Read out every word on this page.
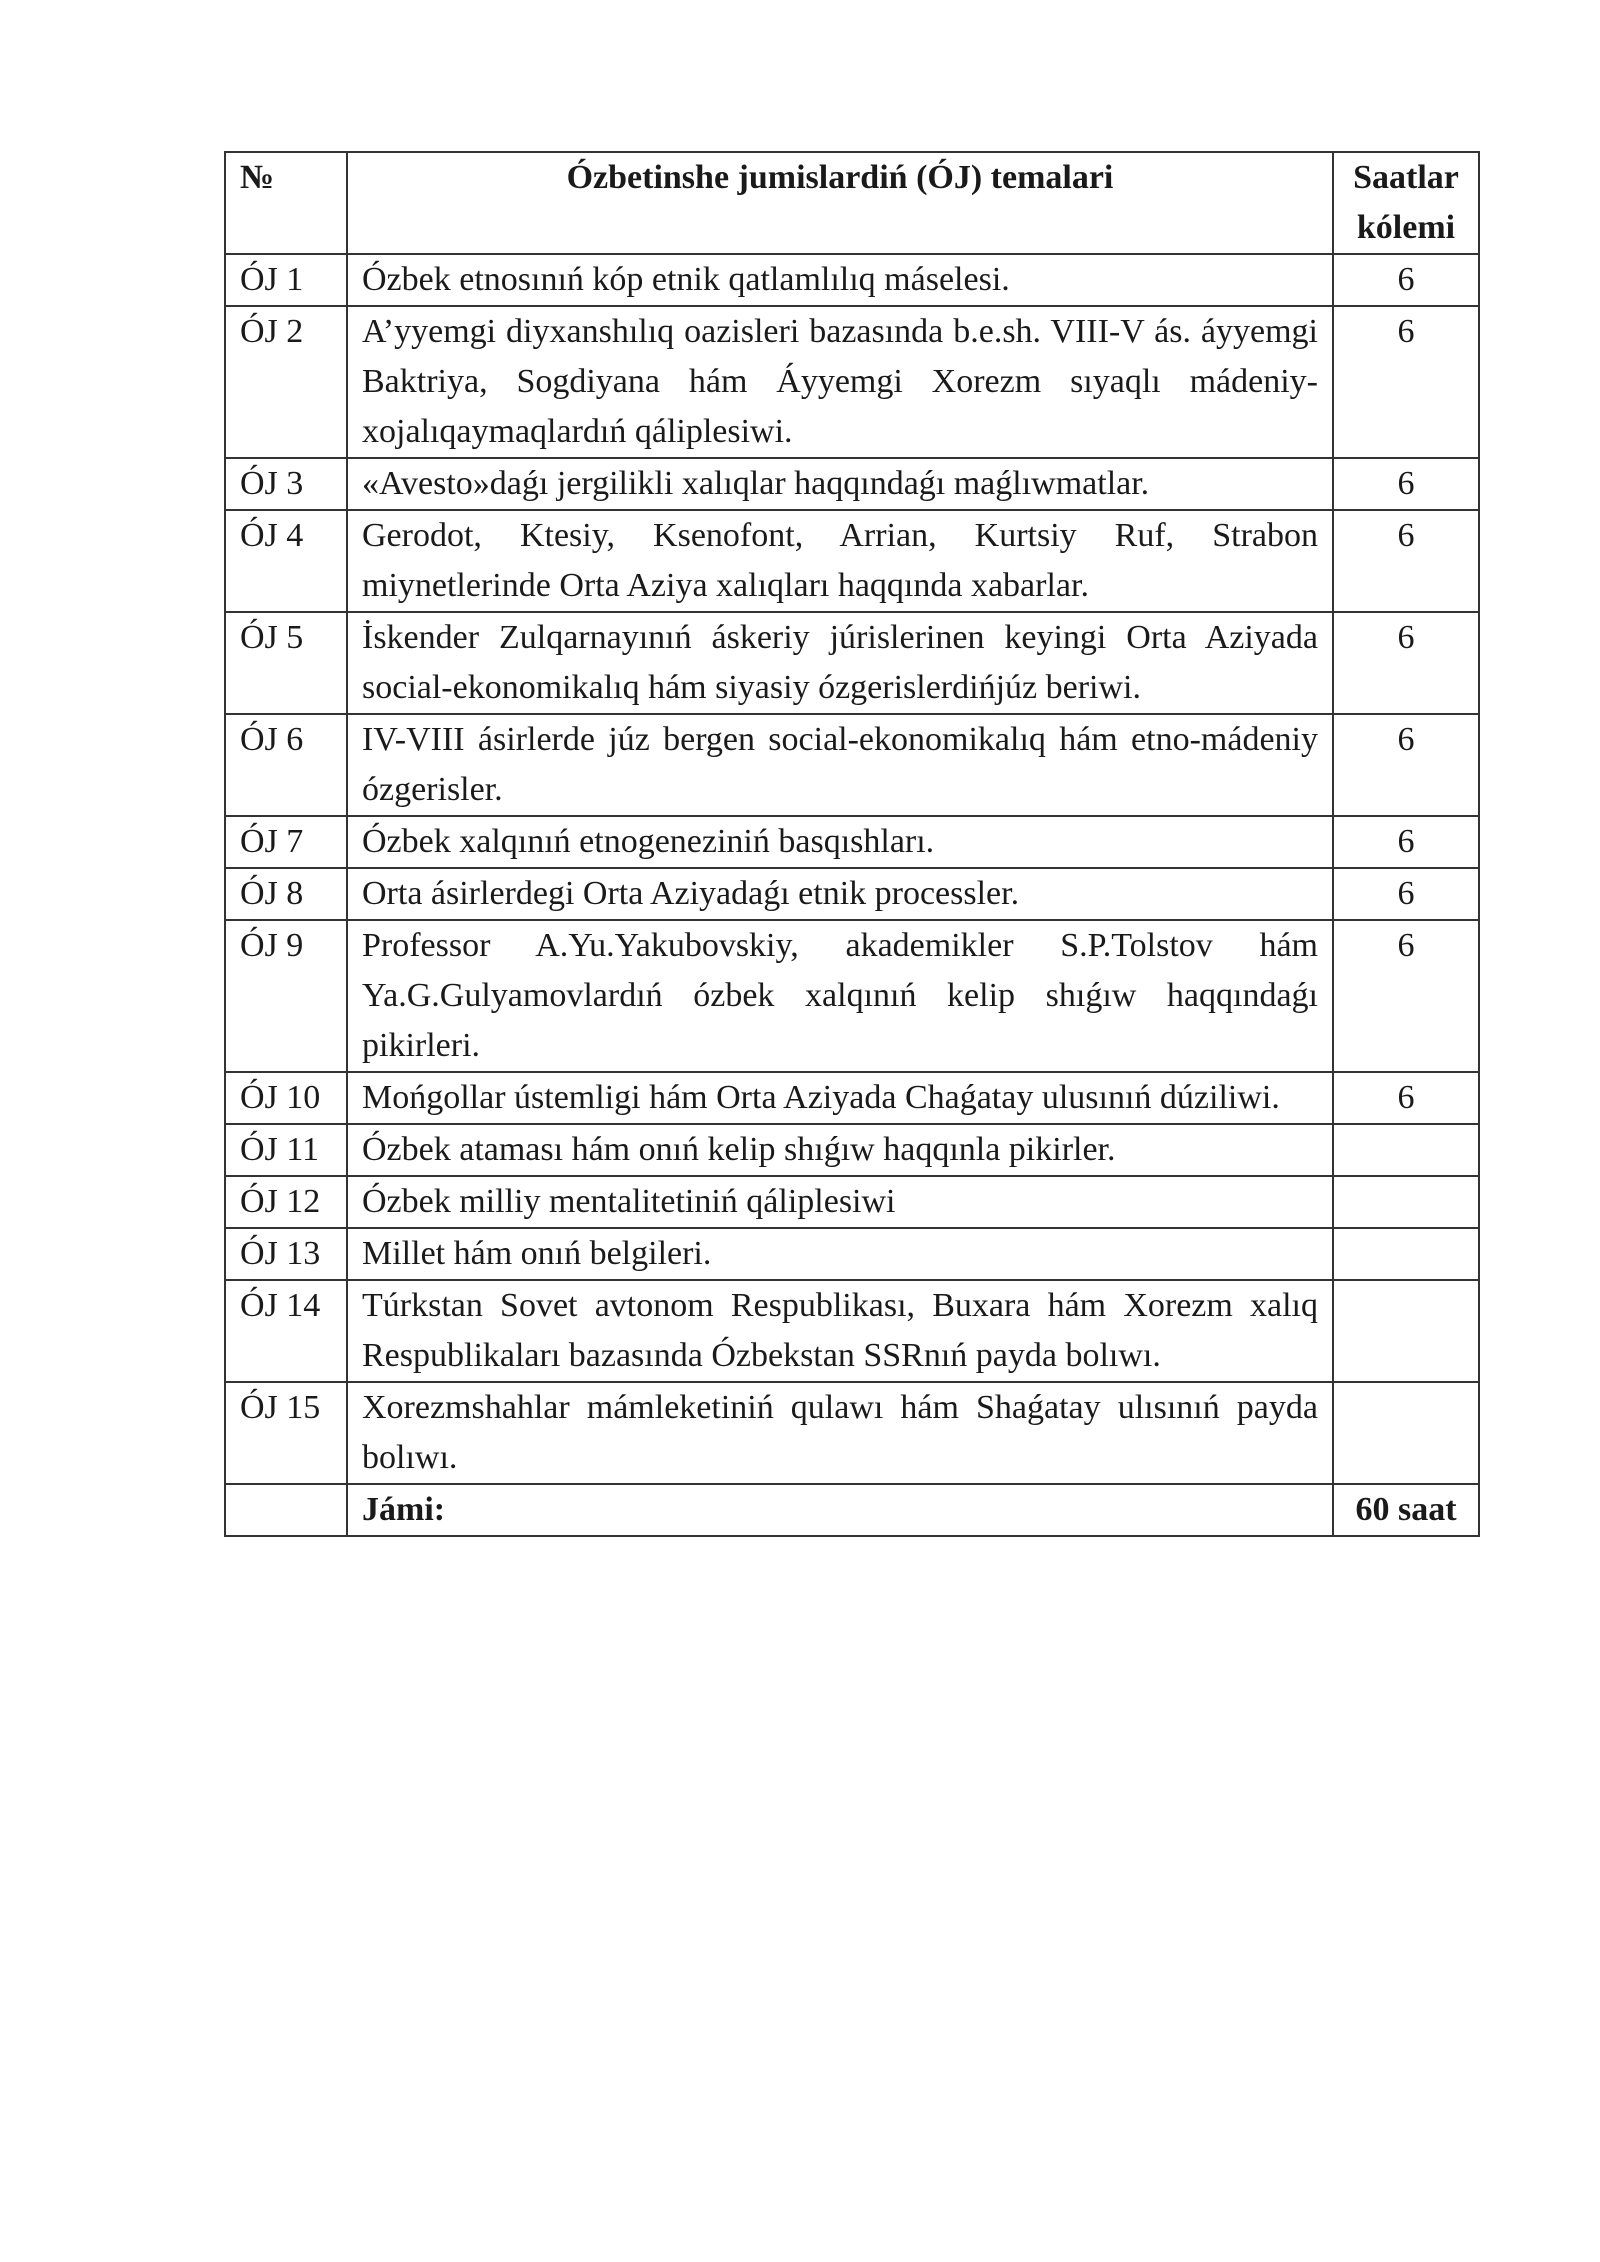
№	Ózbetinshe jumislardiń (ÓJ) temalari	Saatlar
kólemi
ÓJ 1	Ózbek etnosınıń kóp etnik qatlamlılıq máselesi.	6
ÓJ 2	A’yyemgi diyxanshılıq oazisleri bazasında b.e.sh. VIII-V ás. áyyemgi Baktriya, Sogdiyana hám Áyyemgi Xorezm sıyaqlı mádeniy-xojalıqaymaqlardıń qáliplesiwi.	6
ÓJ 3	«Avesto»daǵı jergilikli xalıqlar haqqındaǵı maǵlıwmatlar.	6
ÓJ 4	Gerodot, Ktesiy, Ksenofont, Arrian, Kurtsiy Ruf, Strabon miynetlerinde Orta Aziya xalıqları haqqında xabarlar.	6
ÓJ 5	İskender Zulqarnayınıń áskeriy júrislerinen keyingi Orta Aziyada social-ekonomikalıq hám siyasiy ózgerislerdińjúz beriwi.	6
ÓJ 6	IV-VIII ásirlerde júz bergen social-ekonomikalıq hám etno-mádeniy ózgerisler.	6
ÓJ 7	Ózbek xalqınıń etnogeneziniń basqıshları.	6
ÓJ 8	Orta ásirlerdegi Orta Aziyadaǵı etnik processler.	6
ÓJ 9	Professor A.Yu.Yakubovskiy, akademikler S.P.Tolstov hám Ya.G.Gulyamovlardıń ózbek xalqınıń kelip shıǵıw haqqındaǵı pikirleri.	6
ÓJ 10	Mońgollar ústemligi hám Orta Aziyada Chaǵatay ulusınıń dúziliwi.	6
ÓJ 11	Ózbek ataması hám onıń kelip shıǵıw haqqınla pikirler.	
ÓJ 12	Ózbek milliy mentalitetiniń qáliplesiwi	
ÓJ 13	Millet hám onıń belgileri.	
ÓJ 14	Túrkstan Sovet avtonom Respublikası, Buxara hám Xorezm xalıq Respublikaları bazasında Ózbekstan SSRnıń payda bolıwı.	
ÓJ 15	Xorezmshahlar mámleketiniń qulawı hám Shaǵatay ulısınıń payda bolıwı.	
	Jámi:	60 saat
